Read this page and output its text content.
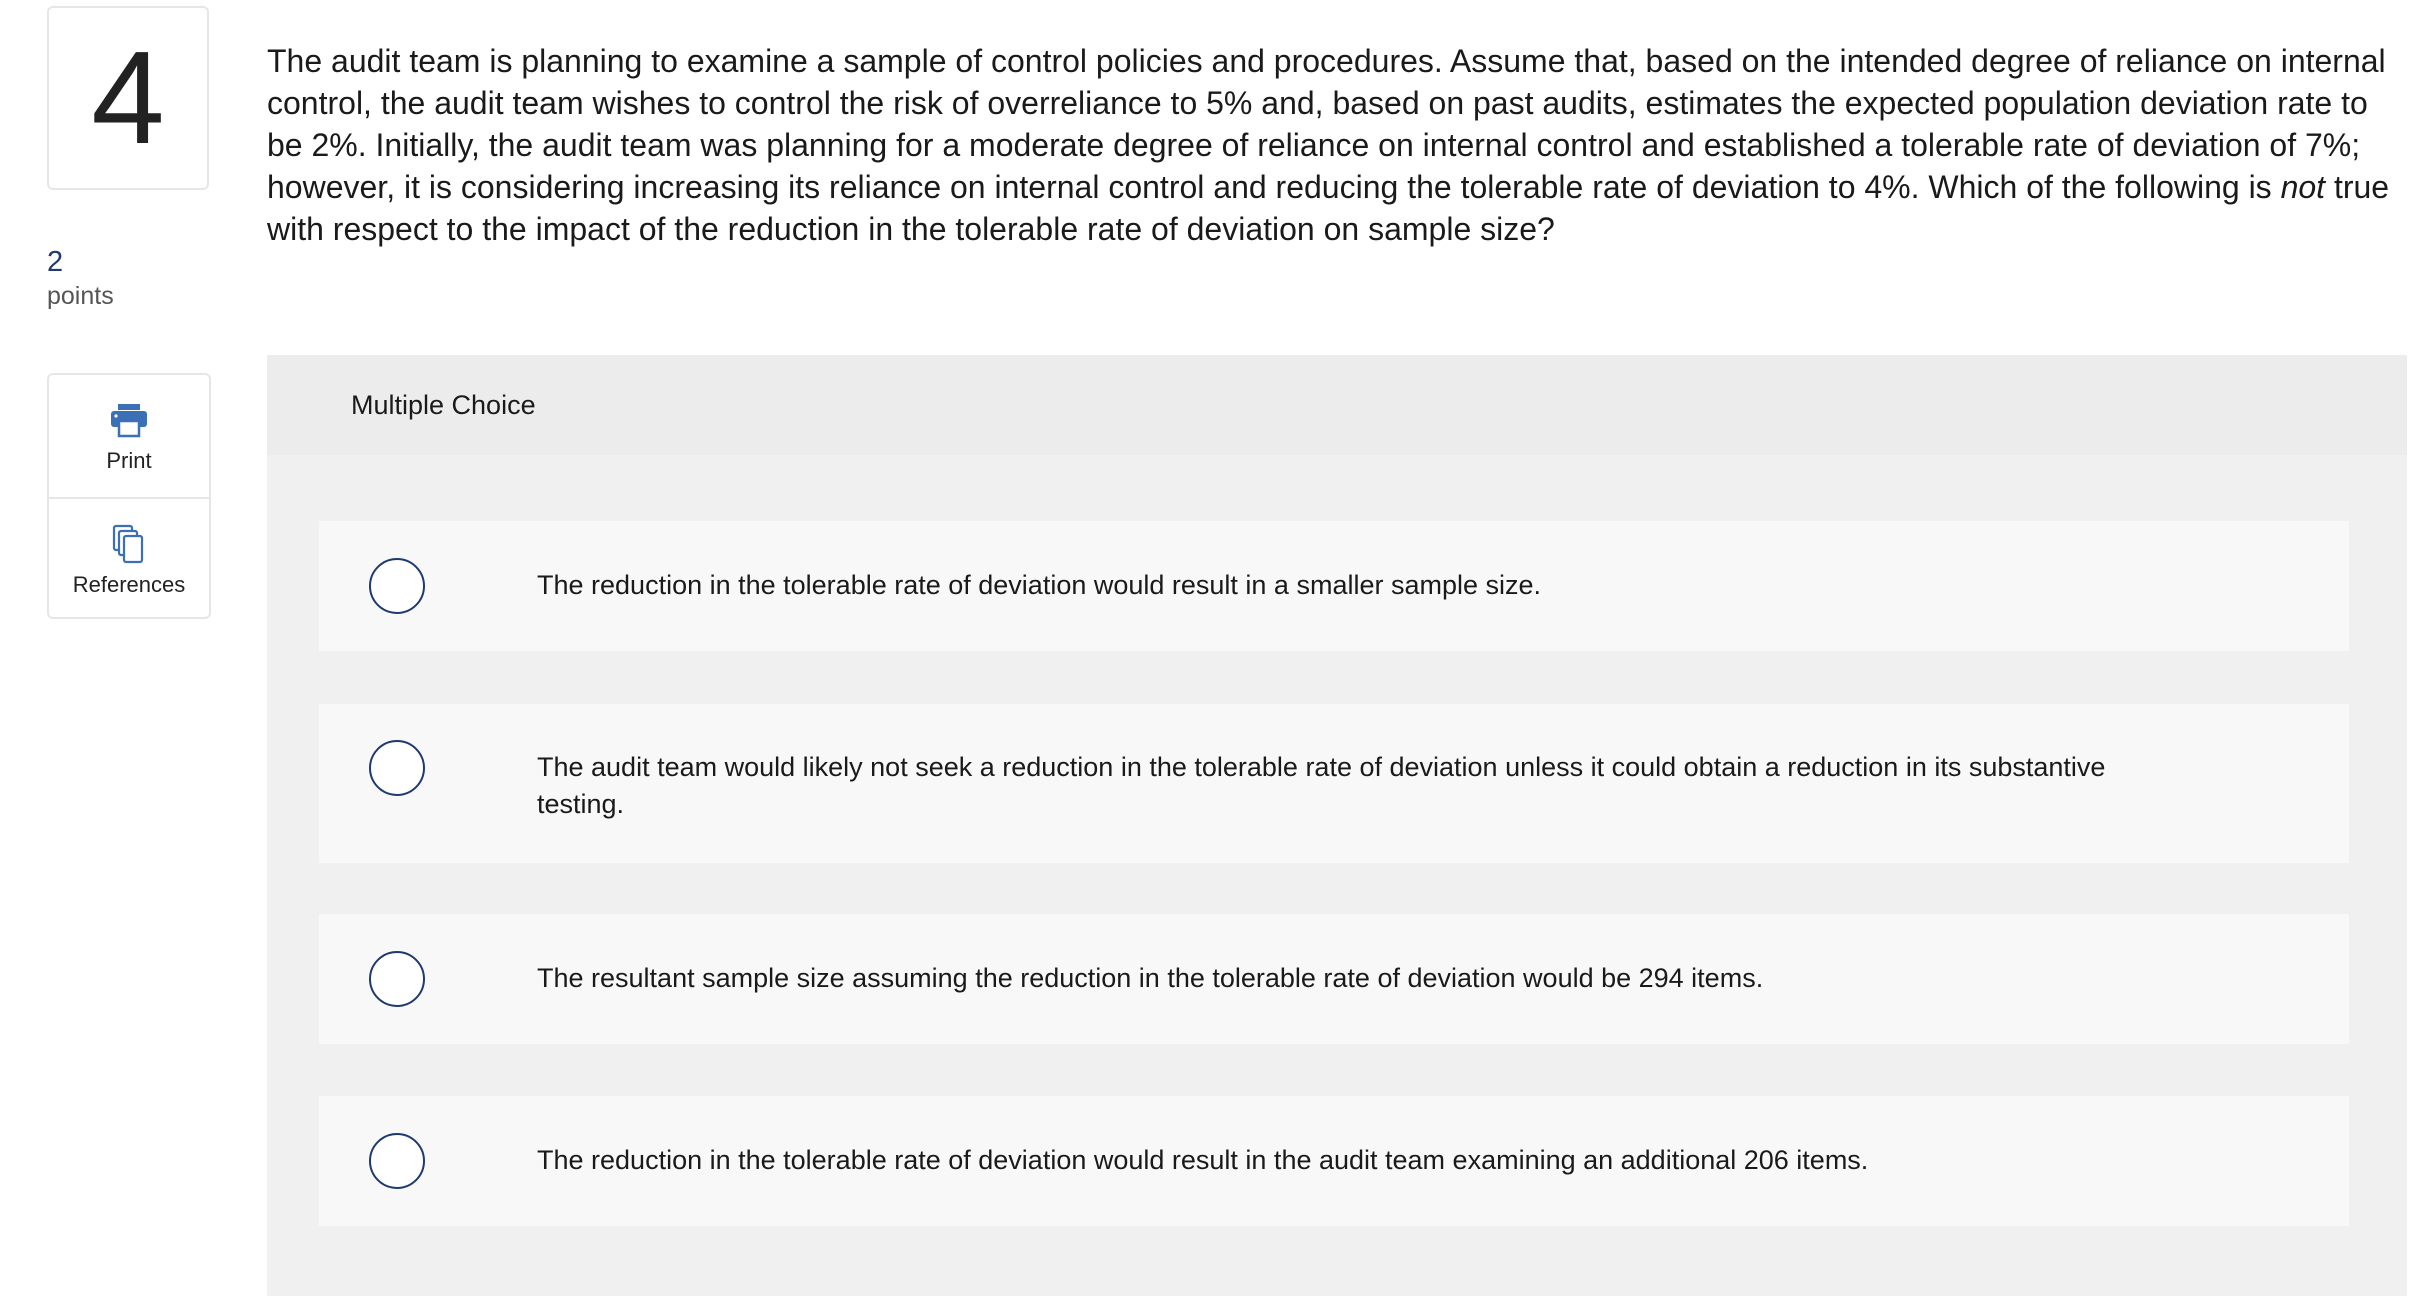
4
2
points
Print
References
The audit team is planning to examine a sample of control policies and procedures. Assume that, based on the intended degree of reliance on internal control, the audit team wishes to control the risk of overreliance to 5% and, based on past audits, estimates the expected population deviation rate to be 2%. Initially, the audit team was planning for a moderate degree of reliance on internal control and established a tolerable rate of deviation of 7%; however, it is considering increasing its reliance on internal control and reducing the tolerable rate of deviation to 4%. Which of the following is not true with respect to the impact of the reduction in the tolerable rate of deviation on sample size?
Multiple Choice
The reduction in the tolerable rate of deviation would result in a smaller sample size.
The audit team would likely not seek a reduction in the tolerable rate of deviation unless it could obtain a reduction in its substantive testing.
The resultant sample size assuming the reduction in the tolerable rate of deviation would be 294 items.
The reduction in the tolerable rate of deviation would result in the audit team examining an additional 206 items.
